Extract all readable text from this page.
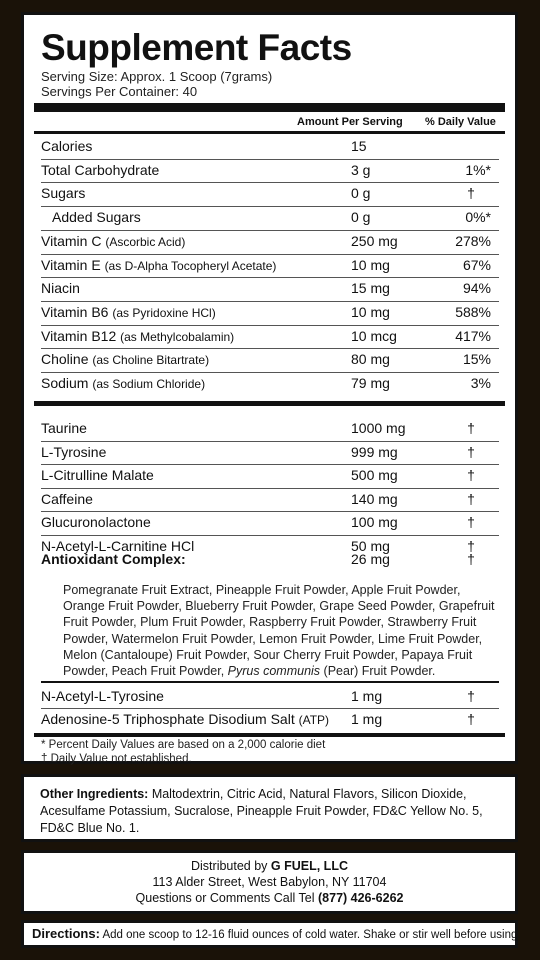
Supplement Facts
Serving Size: Approx. 1 Scoop (7grams)
Servings Per Container: 40
Amount Per Serving % Daily Value
Calories	15
Total Carbohydrate	3 g	1%*
Sugars	0 g	†
Added Sugars	0 g	0%*
Vitamin C (Ascorbic Acid)	250 mg	278%
Vitamin E (as D-Alpha Tocopheryl Acetate)	10 mg	67%
Niacin	15 mg	94%
Vitamin B6 (as Pyridoxine HCl)	10 mg	588%
Vitamin B12 (as Methylcobalamin)	10 mcg	417%
Choline (as Choline Bitartrate)	80 mg	15%
Sodium (as Sodium Chloride)	79 mg	3%
Taurine	1000 mg	†
L-Tyrosine	999 mg	†
L-Citrulline Malate	500 mg	†
Caffeine	140 mg	†
Glucuronolactone	100 mg	†
N-Acetyl-L-Carnitine HCl	50 mg	†
Antioxidant Complex:	26 mg	†
Pomegranate Fruit Extract, Pineapple Fruit Powder, Apple Fruit Powder, Orange Fruit Powder, Blueberry Fruit Powder, Grape Seed Powder, Grapefruit Fruit Powder, Plum Fruit Powder, Raspberry Fruit Powder, Strawberry Fruit Powder, Watermelon Fruit Powder, Lemon Fruit Powder, Lime Fruit Powder, Melon (Cantaloupe) Fruit Powder, Sour Cherry Fruit Powder, Papaya Fruit Powder, Peach Fruit Powder, Pyrus communis (Pear) Fruit Powder.
N-Acetyl-L-Tyrosine	1 mg	†
Adenosine-5 Triphosphate Disodium Salt (ATP) 1 mg	†
* Percent Daily Values are based on a 2,000 calorie diet
† Daily Value not established.
Other Ingredients: Maltodextrin, Citric Acid, Natural Flavors, Silicon Dioxide, Acesulfame Potassium, Sucralose, Pineapple Fruit Powder, FD&C Yellow No. 5, FD&C Blue No. 1.
Distributed by G FUEL, LLC
113 Alder Street, West Babylon, NY 11704
Questions or Comments Call Tel (877) 426-6262
Directions: Add one scoop to 12-16 fluid ounces of cold water. Shake or stir well before using.
